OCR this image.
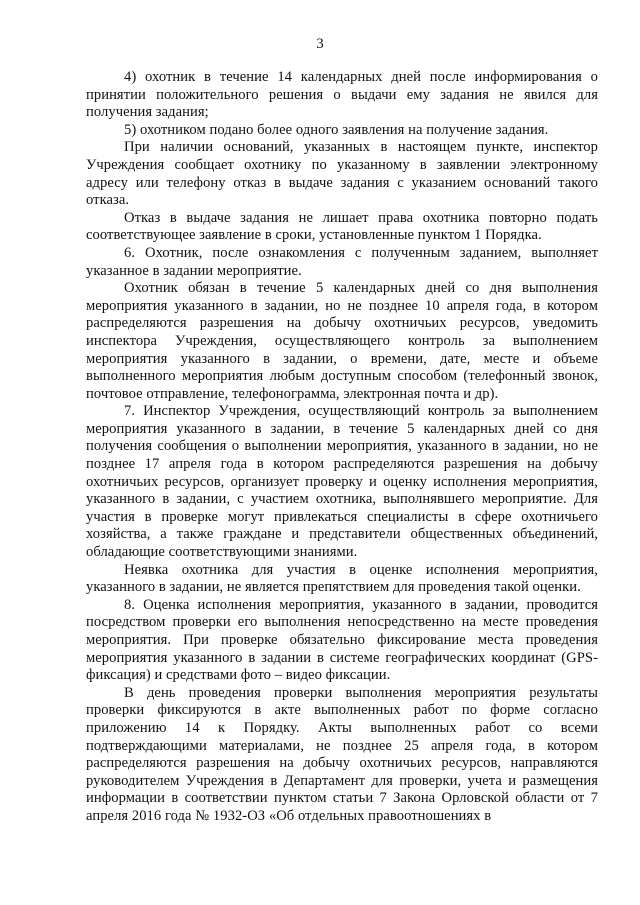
3

4) охотник в течение 14 календарных дней после информирования о принятии положительного решения о выдачи ему задания не явился для получения задания;

5) охотником подано более одного заявления на получение задания.

При наличии оснований, указанных в настоящем пункте, инспектор Учреждения сообщает охотнику по указанному в заявлении электронному адресу или телефону отказ в выдаче задания с указанием оснований такого отказа.

Отказ в выдаче задания не лишает права охотника повторно подать соответствующее заявление в сроки, установленные пунктом 1 Порядка.

6. Охотник, после ознакомления с полученным заданием, выполняет указанное в задании мероприятие.

Охотник обязан в течение 5 календарных дней со дня выполнения мероприятия указанного в задании, но не позднее 10 апреля года, в котором распределяются разрешения на добычу охотничьих ресурсов, уведомить инспектора Учреждения, осуществляющего контроль за выполнением мероприятия указанного в задании, о времени, дате, месте и объеме выполненного мероприятия любым доступным способом (телефонный звонок, почтовое отправление, телефонограмма, электронная почта и др).

7. Инспектор Учреждения, осуществляющий контроль за выполнением мероприятия указанного в задании, в течение 5 календарных дней со дня получения сообщения о выполнении мероприятия, указанного в задании, но не позднее 17 апреля года в котором распределяются разрешения на добычу охотничьих ресурсов, организует проверку и оценку исполнения мероприятия, указанного в задании, с участием охотника, выполнявшего мероприятие. Для участия в проверке могут привлекаться специалисты в сфере охотничьего хозяйства, а также граждане и представители общественных объединений, обладающие соответствующими знаниями.

Неявка охотника для участия в оценке исполнения мероприятия, указанного в задании, не является препятствием для проведения такой оценки.

8. Оценка исполнения мероприятия, указанного в задании, проводится посредством проверки его выполнения непосредственно на месте проведения мероприятия. При проверке обязательно фиксирование места проведения мероприятия указанного в задании в системе географических координат (GPS-фиксация) и средствами фото – видео фиксации.

В день проведения проверки выполнения мероприятия результаты проверки фиксируются в акте выполненных работ по форме согласно приложению 14 к Порядку. Акты выполненных работ со всеми подтверждающими материалами, не позднее 25 апреля года, в котором распределяются разрешения на добычу охотничьих ресурсов, направляются руководителем Учреждения в Департамент для проверки, учета и размещения информации в соответствии пунктом статьи 7 Закона Орловской области от 7 апреля 2016 года № 1932-ОЗ «Об отдельных правоотношениях в
